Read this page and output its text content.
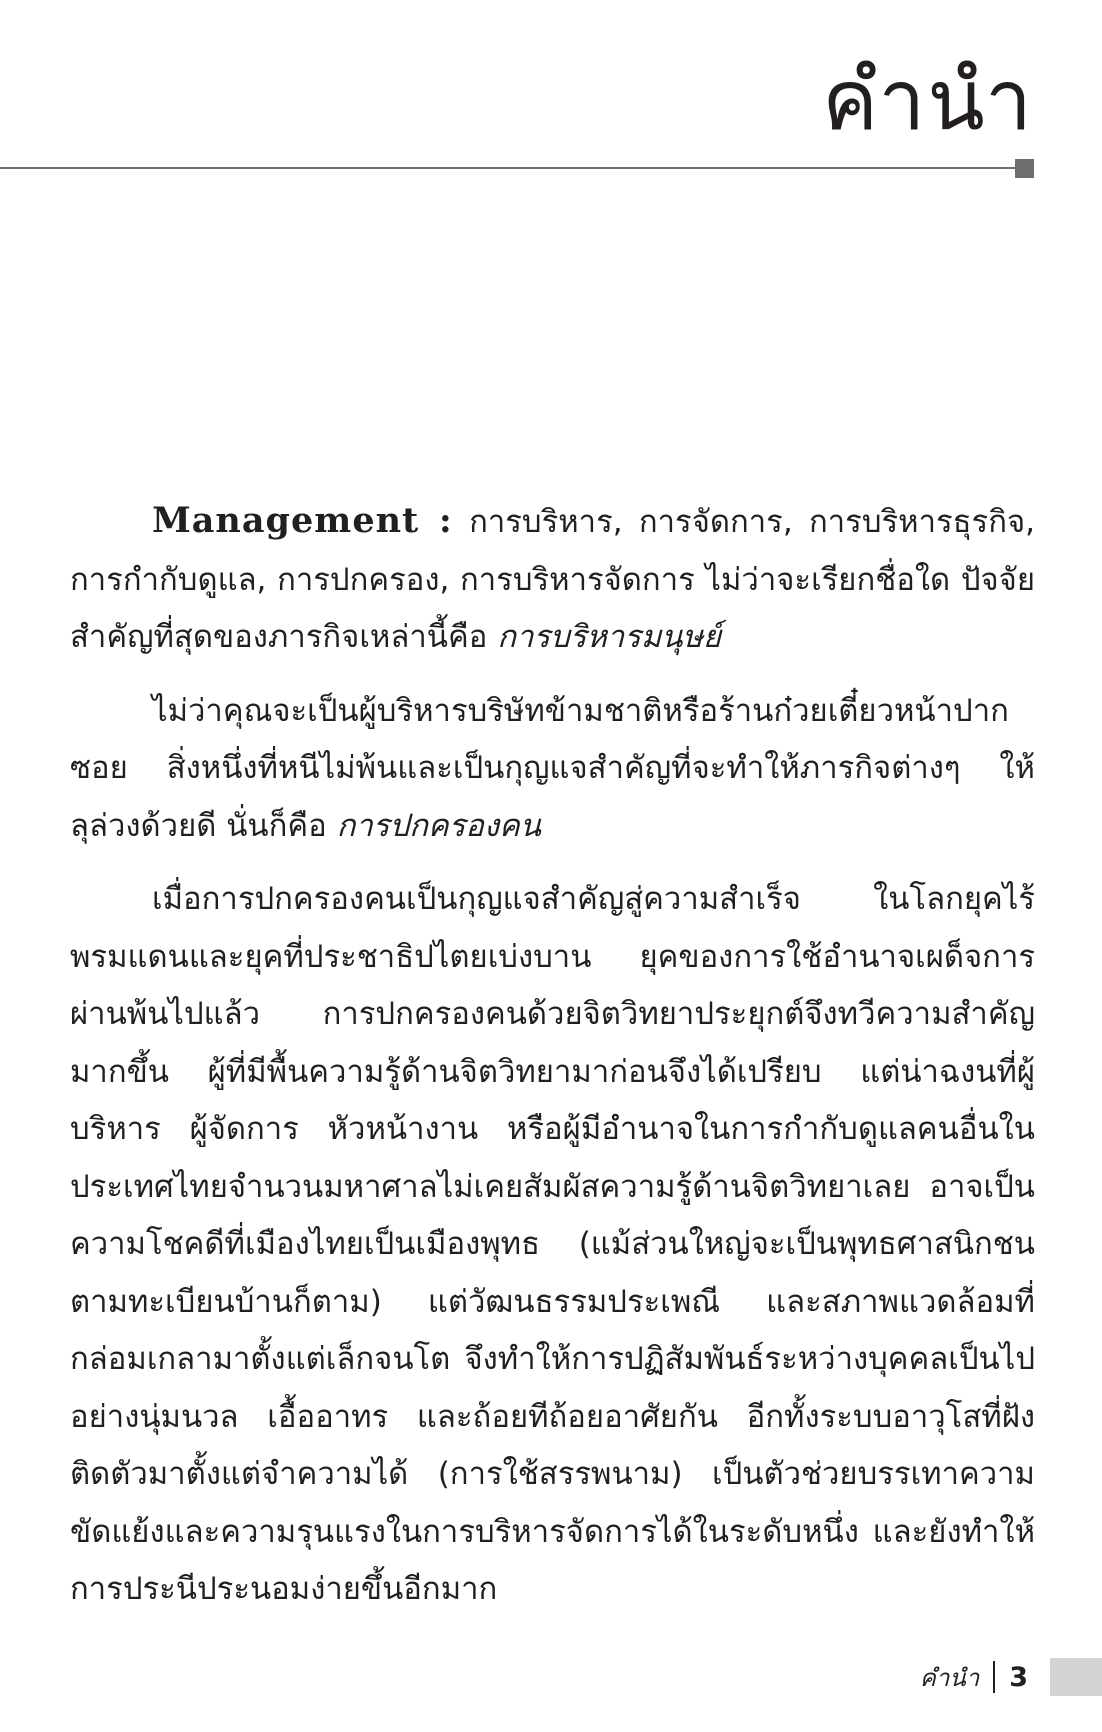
คำนำ

Management : การบริหาร, การจัดการ, การบริหารธุรกิจ, การกำกับดูแล, การปกครอง, การบริหารจัดการ ไม่ว่าจะเรียกชื่อใด ปัจจัยสำคัญที่สุดของภารกิจเหล่านี้คือ การบริหารมนุษย์

ไม่ว่าคุณจะเป็นผู้บริหารบริษัทข้ามชาติหรือร้านก๋วยเตี๋ยวหน้าปากซอย สิ่งหนึ่งที่หนีไม่พ้นและเป็นกุญแจสำคัญที่จะทำให้ภารกิจต่างๆ ให้ลุล่วงด้วยดี นั่นก็คือ การปกครองคน

เมื่อการปกครองคนเป็นกุญแจสำคัญสู่ความสำเร็จ ในโลกยุคไร้พรมแดนและยุคที่ประชาธิปไตยเบ่งบาน ยุคของการใช้อำนาจเผด็จการผ่านพ้นไปแล้ว การปกครองคนด้วยจิตวิทยาประยุกต์จึงทวีความสำคัญมากขึ้น ผู้ที่มีพื้นความรู้ด้านจิตวิทยามาก่อนจึงได้เปรียบ แต่น่าฉงนที่ผู้บริหาร ผู้จัดการ หัวหน้างาน หรือผู้มีอำนาจในการกำกับดูแลคนอื่นในประเทศไทยจำนวนมหาศาลไม่เคยสัมผัสความรู้ด้านจิตวิทยาเลย อาจเป็นความโชคดีที่เมืองไทยเป็นเมืองพุทธ (แม้ส่วนใหญ่จะเป็นพุทธศาสนิกชนตามทะเบียนบ้านก็ตาม) แต่วัฒนธรรมประเพณี และสภาพแวดล้อมที่กล่อมเกลามาตั้งแต่เล็กจนโต จึงทำให้การปฏิสัมพันธ์ระหว่างบุคคลเป็นไปอย่างนุ่มนวล เอื้ออาทร และถ้อยทีถ้อยอาศัยกัน อีกทั้งระบบอาวุโสที่ฝังติดตัวมาตั้งแต่จำความได้ (การใช้สรรพนาม) เป็นตัวช่วยบรรเทาความขัดแย้งและความรุนแรงในการบริหารจัดการได้ในระดับหนึ่ง และยังทำให้การประนีประนอมง่ายขึ้นอีกมาก

คำนำ 3
